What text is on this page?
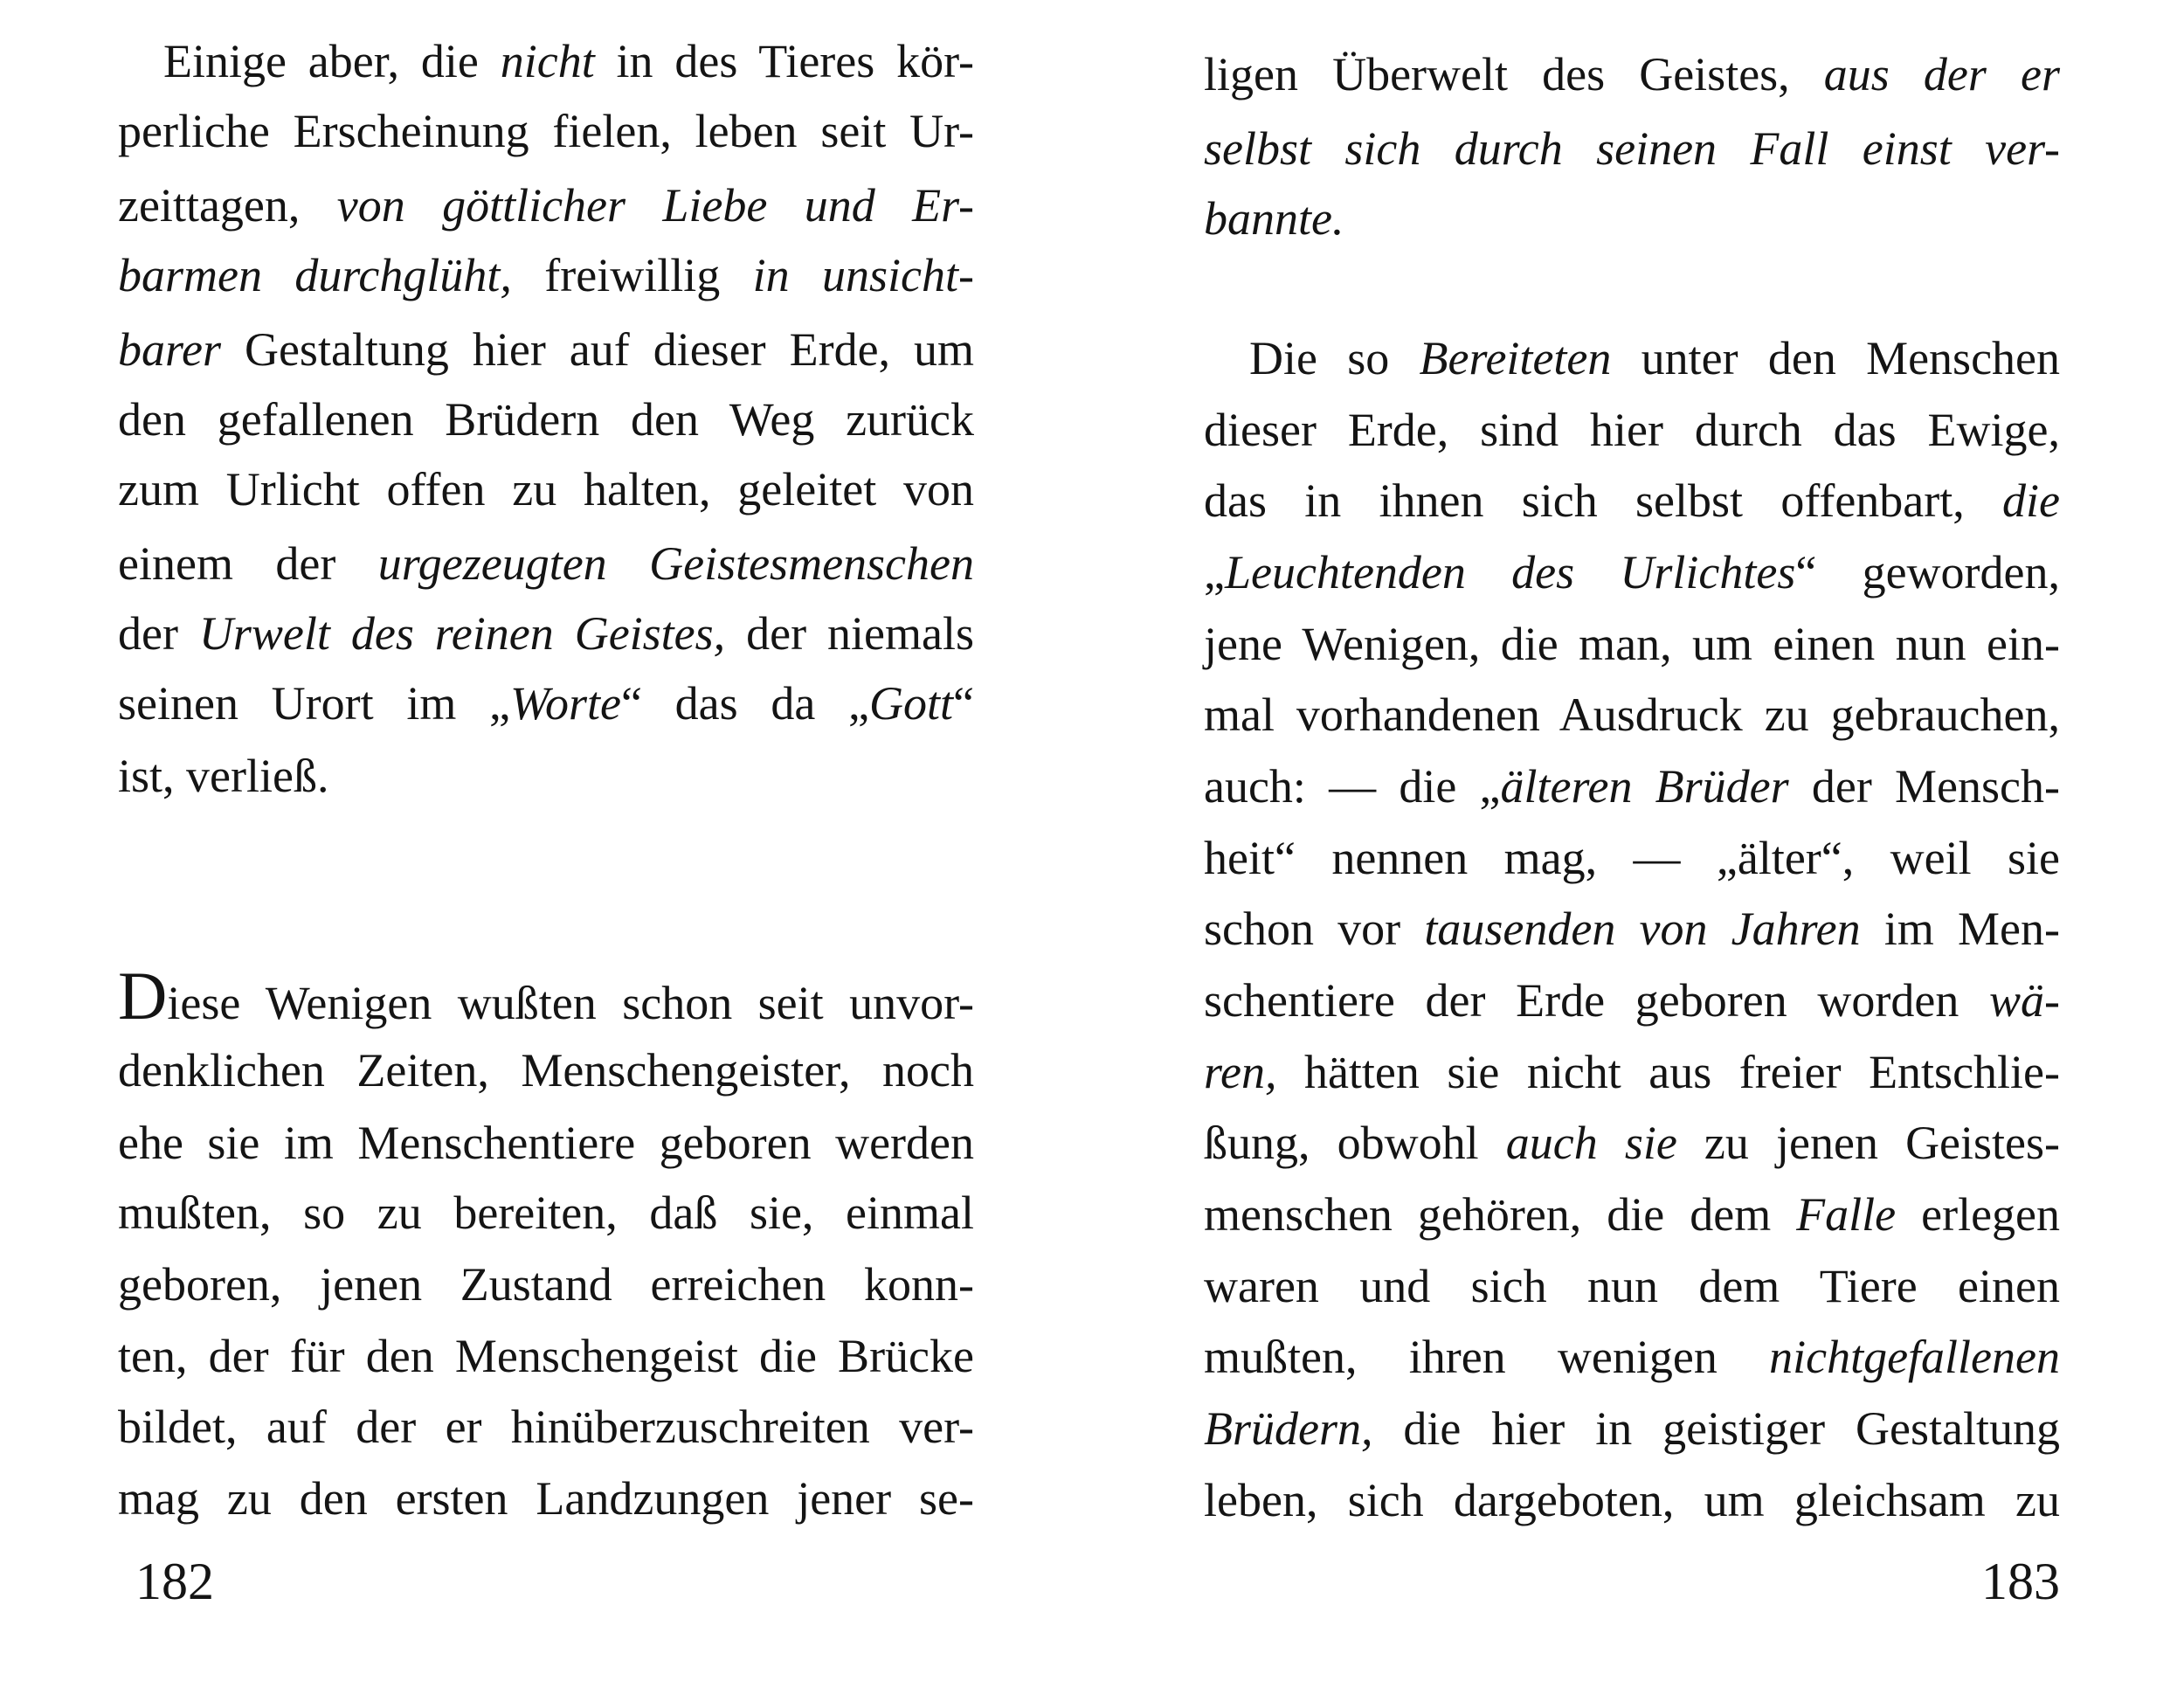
Einige aber, die nicht in des Tieres kör-
perliche Erscheinung fielen, leben seit Ur-
zeittagen, von göttlicher Liebe und Er-
barmen durchglüht, freiwillig in unsicht-
barer Gestaltung hier auf dieser Erde, um
den gefallenen Brüdern den Weg zurück
zum Urlicht offen zu halten, geleitet von
einem der urgezeugten Geistesmenschen
der Urwelt des reinen Geistes, der niemals
seinen Urort im „Worte“ das da „Gott“
ist, verließ.
Diese Wenigen wußten schon seit unvor-
denklichen Zeiten, Menschengeister, noch
ehe sie im Menschentiere geboren werden
mußten, so zu bereiten, daß sie, einmal
geboren, jenen Zustand erreichen konn-
ten, der für den Menschengeist die Brücke
bildet, auf der er hinüberzuschreiten ver-
mag zu den ersten Landzungen jener se-
182
ligen Überwelt des Geistes, aus der er
selbst sich durch seinen Fall einst ver-
bannte.
Die so Bereiteten unter den Menschen
dieser Erde, sind hier durch das Ewige,
das in ihnen sich selbst offenbart, die
„Leuchtenden des Urlichtes“ geworden,
jene Wenigen, die man, um einen nun ein-
mal vorhandenen Ausdruck zu gebrauchen,
auch: — die „älteren Brüder der Mensch-
heit“ nennen mag, — „älter“, weil sie
schon vor tausenden von Jahren im Men-
schentiere der Erde geboren worden wä-
ren, hätten sie nicht aus freier Entschlie-
ßung, obwohl auch sie zu jenen Geistes-
menschen gehören, die dem Falle erlegen
waren und sich nun dem Tiere einen
mußten, ihren wenigen nichtgefallenen
Brüdern, die hier in geistiger Gestaltung
leben, sich dargeboten, um gleichsam zu
183
